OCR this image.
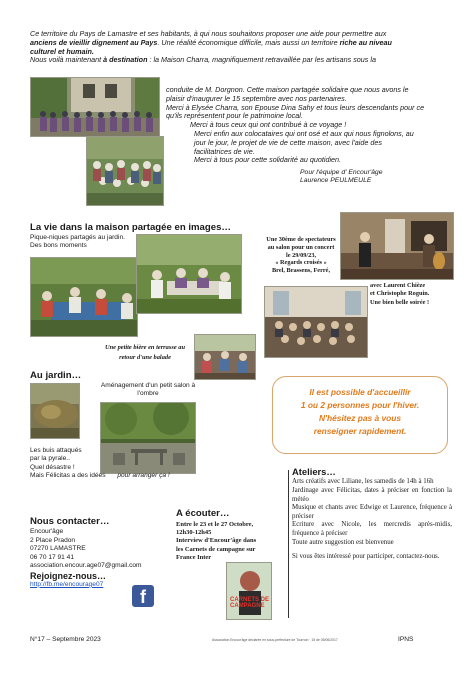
Ce territoire du Pays de Lamastre et ses habitants, à qui nous souhaitons proposer une aide pour permettre aux

anciens de vieillir dignement au Pays. Une réalité économique difficile, mais aussi un territoire riche au niveau

culturel et humain.

Nous voilà maintenant à destination : la Maison Charra, magnifiquement retravaillée par les artisans sous la

conduite de M. Dorgnon. Cette maison partagée solidaire que nous avons le

plaisir d'inaugurer le 15 septembre avec nos partenaires.

Merci à Elysée Charra, son Epouse Dina Sahy et tous leurs descendants pour ce

qu'ils représentent pour le patrimoine local.

Merci à tous ceux qui ont contribué à ce voyage !

Merci enfin aux colocataires qui ont osé et aux qui nous fignolons, au

jour le jour, le projet de vie de cette maison, avec l'aide des

facilitatrices de vie.

Merci à tous pour cette solidarité au quotidien.

Pour l'équipe d' Encour'âge
Laurence PEULMEULE
La vie dans la maison partagée en images…
Pique-niques partagés au jardin. Des bons moments
Une 30ème de spectateurs
au salon pour un concert
le 29/09/23,
« Regards croisés »
Brel, Brassens, Ferré,
avec Laurent Chièze
et Christophe Roguin.
Une bien belle soirée !
Une petite bière en terrasse au retour d'une balade
Au jardin…
Aménagement d'un petit salon à l'ombre
Les buis attaqués
par la pyrale..
Quel désastre !
Mais Félicitas a des idées pour arranger ça !
Il est possible d'accueillir
1 ou 2 personnes pour l'hiver.
N'hésitez pas à vous
renseigner rapidement.
Ateliers…
Arts créatifs avec Liliane, les samedis de 14h à 16h
Jardinage avec Félicitas, dates à préciser en fonction la météo
Musique et chants avec Edwige et Laurence, fréquence à préciser
Ecriture avec Nicole, les mercredis après-midis, fréquence à préciser
Toute autre suggestion est bienvenue
Si vous êtes intéressé pour participer, contactez-nous.
A écouter…
Entre le 23 et le 27 Octobre,
12h30-12h45
Interview d'Encour'âge dans
les Carnets de campagne sur
France Inter
CARNETS DE CAMPAGNE
Nous contacter…
Encour'âge
2 Place Pradon
07270 LAMASTRE
06 70 17 91 41
association.encour.age07@gmail.com
Rejoignez-nous…
http://fb.me/encourage07
f
N°17 – Septembre 2023	Association Encour'âge déclarée en sous-préfecture de Tournon · 15 de 05/06/2017	IPNS
